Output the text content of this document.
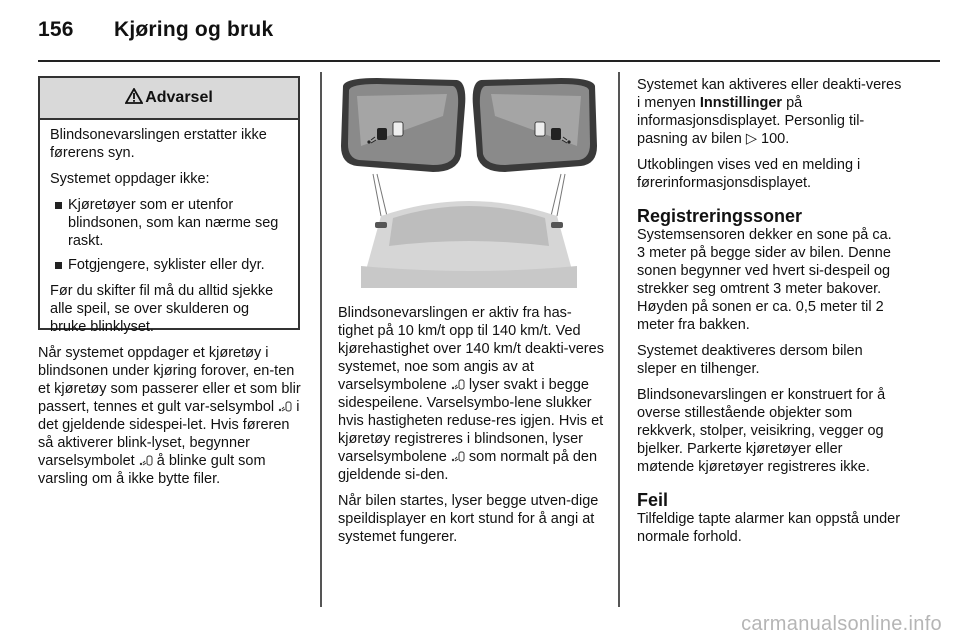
156 Kjøring og bruk
Advarsel

Blindsonevarslingen erstatter ikke førerens syn.

Systemet oppdager ikke:

Kjøretøyer som er utenfor blindsonen, som kan nærme seg raskt.
Fotgjengere, syklister eller dyr.

Før du skifter fil må du alltid sjekke alle speil, se over skulderen og bruke blinklyset.

Når systemet oppdager et kjøretøy i blindsonen under kjøring forover, en-ten et kjøretøy som passerer eller et som blir passert, tennes et gult var-selsymbol i det gjeldende sidespei-let. Hvis føreren så aktiverer blink-lyset, begynner varselsymbolet å blinke gult som varsling om å ikke bytte filer.

Blindsonevarslingen er aktiv fra has-tighet på 10 km/t opp til 140 km/t. Ved kjørehastighet over 140 km/t deakti-veres systemet, noe som angis av at varselsymbolene lyser svakt i begge sidespeilene. Varselsymbo-lene slukker hvis hastigheten reduse-res igjen. Hvis et kjøretøy registreres i blindsonen, lyser varselsymbolene som normalt på den gjeldende si-den.

Når bilen startes, lyser begge utven-dige speildisplayer en kort stund for å angi at systemet fungerer.

Systemet kan aktiveres eller deakti-veres i menyen Innstillinger på informasjonsdisplayet. Personlig til-pasning av bilen ▷ 100.

Utkoblingen vises ved en melding i førerinformasjonsdisplayet.

Registreringssoner

Systemsensoren dekker en sone på ca. 3 meter på begge sider av bilen. Denne sonen begynner ved hvert si-despeil og strekker seg omtrent 3 meter bakover. Høyden på sonen er ca. 0,5 meter til 2 meter fra bakken.

Systemet deaktiveres dersom bilen sleper en tilhenger.

Blindsonevarslingen er konstruert for å overse stillestående objekter som rekkverk, stolper, veisikring, vegger og bjelker. Parkerte kjøretøyer eller møtende kjøretøyer registreres ikke.

Feil

Tilfeldige tapte alarmer kan oppstå under normale forhold.

carmanualsonline.info
